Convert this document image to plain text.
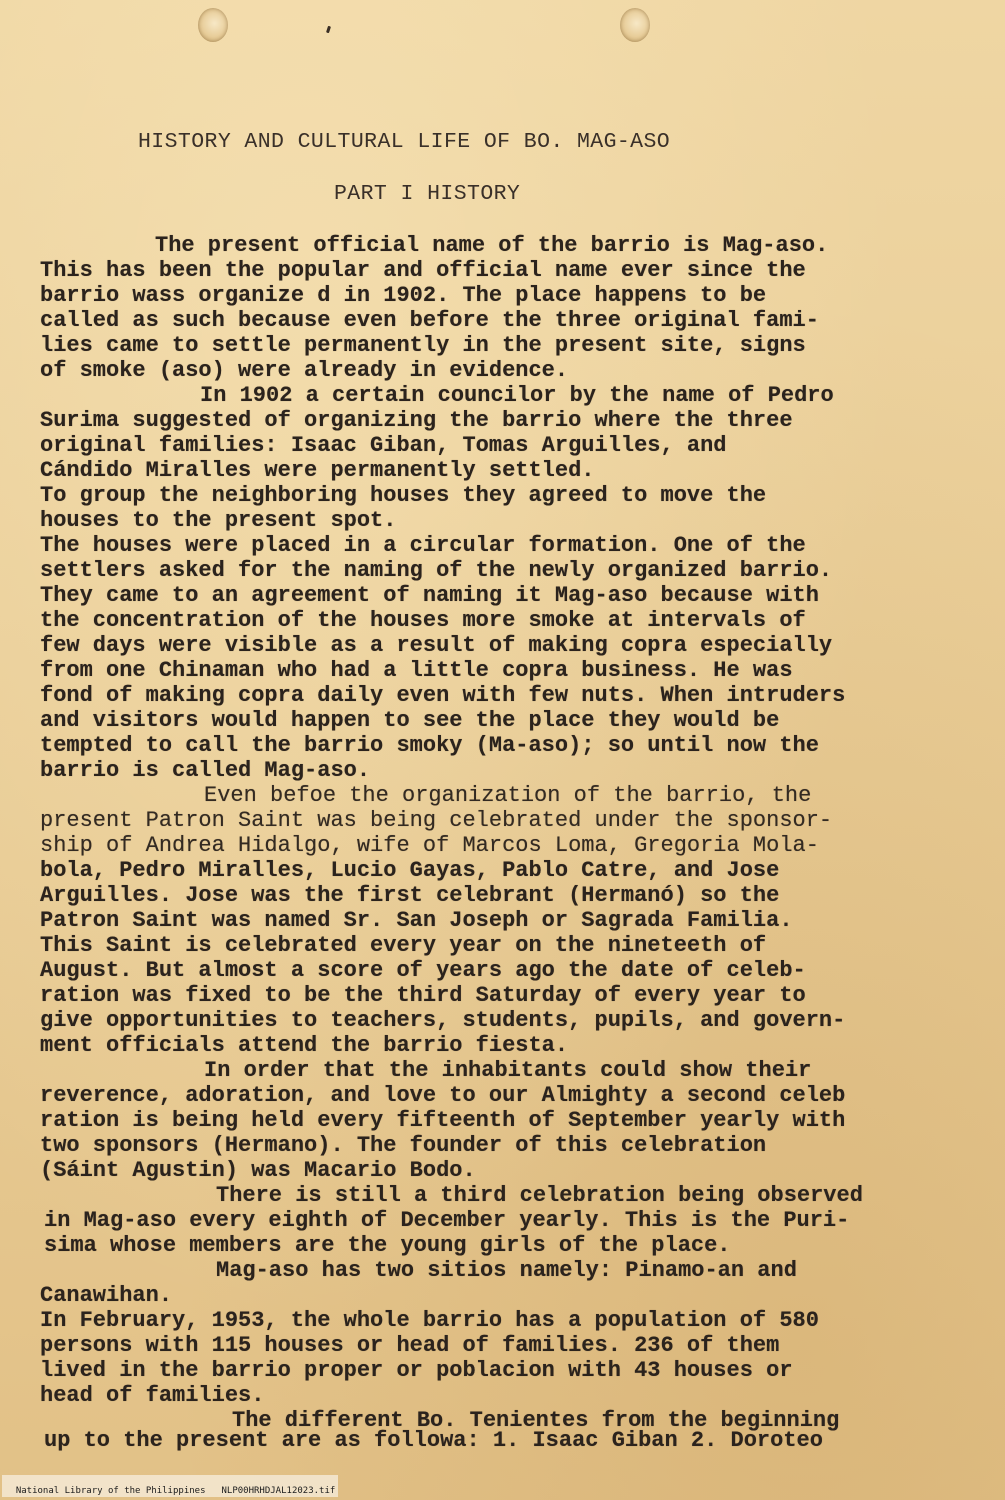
HISTORY AND CULTURAL LIFE OF BO. MAG-ASO
PART I HISTORY
The present official name of the barrio is Mag-aso.
This has been the popular and official name ever since the
barrio wass organize d in 1902. The place happens to be
called as such because even before the three original fami-
lies came to settle permanently in the present site, signs
of smoke (aso) were already in evidence.
In 1902 a certain councilor by the name of Pedro
Surima suggested of organizing the barrio where the three
original families: Isaac Giban, Tomas Arguilles, and
Cándido Miralles were permanently settled.
To group the neighboring houses they agreed to move the
houses to the present spot.
The houses were placed in a circular formation. One of the
settlers asked for the naming of the newly organized barrio.
They came to an agreement of naming it Mag-aso because with
the concentration of the houses more smoke at intervals of
few days were visible as a result of making copra especially
from one Chinaman who had a little copra business. He was
fond of making copra daily even with few nuts. When intruders
and visitors would happen to see the place they would be
tempted to call the barrio smoky (Ma-aso); so until now the
barrio is called Mag-aso.
Even befoe the organization of the barrio, the
present Patron Saint was being celebrated under the sponsor-
ship of Andrea Hidalgo, wife of Marcos Loma, Gregoria Mola-
bola, Pedro Miralles, Lucio Gayas, Pablo Catre, and Jose
Arguilles. Jose was the first celebrant (Hermanó) so the
Patron Saint was named Sr. San Joseph or Sagrada Familia.
This Saint is celebrated every year on the nineteeth of
August. But almost a score of years ago the date of celeb-
ration was fixed to be the third Saturday of every year to
give opportunities to teachers, students, pupils, and govern-
ment officials attend the barrio fiesta.
In order that the inhabitants could show their
reverence, adoration, and love to our Almighty a second celeb
ration is being held every fifteenth of September yearly with
two sponsors (Hermano). The founder of this celebration
(Sáint Agustin) was Macario Bodo.
There is still a third celebration being observed
in Mag-aso every eighth of December yearly. This is the Puri-
sima whose members are the young girls of the place.
Mag-aso has two sitios namely: Pinamo-an and
Canawihan.
In February, 1953, the whole barrio has a population of 580
persons with 115 houses or head of families. 236 of them
lived in the barrio proper or poblacion with 43 houses or
head of families.
The different Bo. Tenientes from the beginning
up to the present are as followa: 1. Isaac Giban 2. Doroteo

National Library of the Philippines NLP00HRHDJAL12023.tif
